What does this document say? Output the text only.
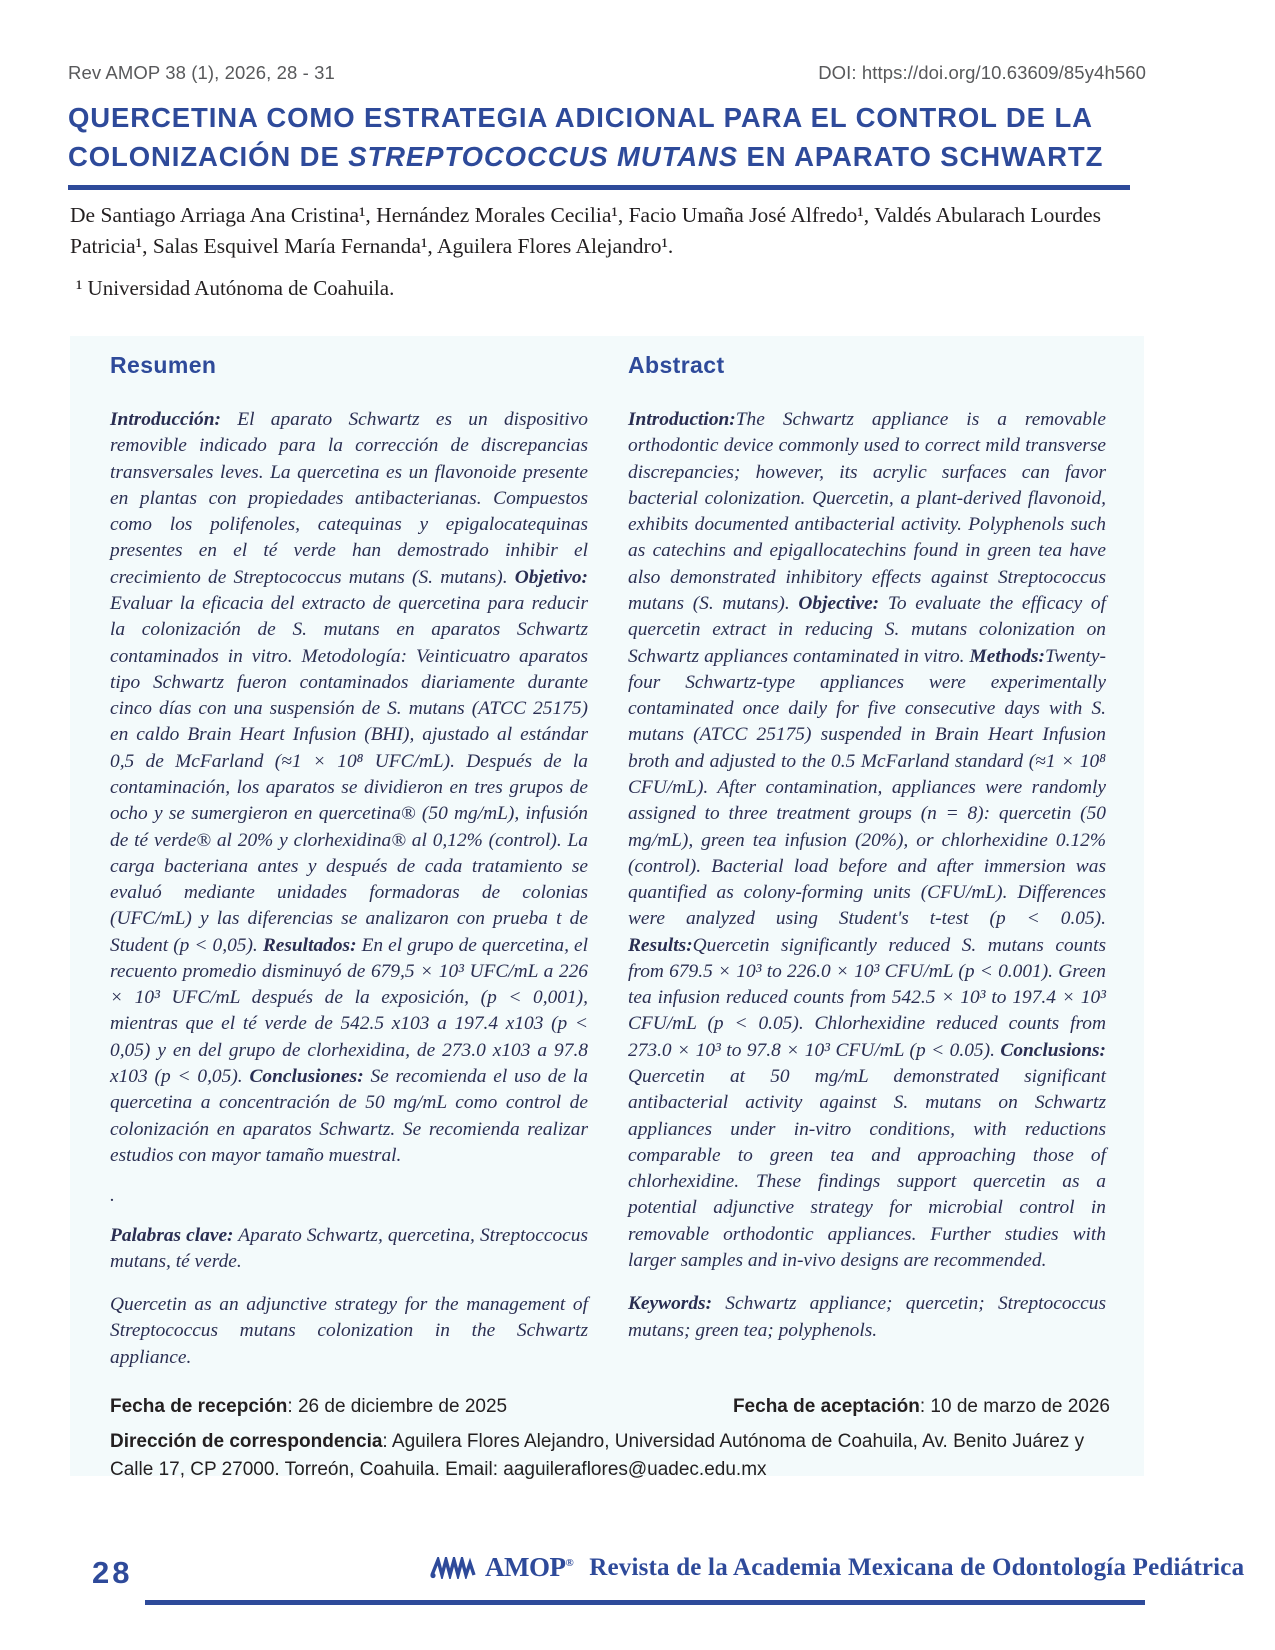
Rev AMOP 38 (1), 2026, 28 - 31	DOI: https://doi.org/10.63609/85y4h560
QUERCETINA COMO ESTRATEGIA ADICIONAL PARA EL CONTROL DE LA
COLONIZACIÓN DE STREPTOCOCCUS MUTANS EN APARATO SCHWARTZ
De Santiago Arriaga Ana Cristina¹, Hernández Morales Cecilia¹, Facio Umaña José Alfredo¹, Valdés Abularach Lourdes Patricia¹, Salas Esquivel María Fernanda¹, Aguilera Flores Alejandro¹.
¹ Universidad Autónoma de Coahuila.
Resumen

Introducción: El aparato Schwartz es un dispositivo removible indicado para la corrección de discrepancias transversales leves. La quercetina es un flavonoide presente en plantas con propiedades antibacterianas. Compuestos como los polifenoles, catequinas y epigalocatequinas presentes en el té verde han demostrado inhibir el crecimiento de Streptococcus mutans (S. mutans). Objetivo: Evaluar la eficacia del extracto de quercetina para reducir la colonización de S. mutans en aparatos Schwartz contaminados in vitro. Metodología: Veinticuatro aparatos tipo Schwartz fueron contaminados diariamente durante cinco días con una suspensión de S. mutans (ATCC 25175) en caldo Brain Heart Infusion (BHI), ajustado al estándar 0,5 de McFarland (≈1 × 10⁸ UFC/mL). Después de la contaminación, los aparatos se dividieron en tres grupos de ocho y se sumergieron en quercetina® (50 mg/mL), infusión de té verde® al 20% y clorhexidina® al 0,12% (control). La carga bacteriana antes y después de cada tratamiento se evaluó mediante unidades formadoras de colonias (UFC/mL) y las diferencias se analizaron con prueba t de Student (p < 0,05). Resultados: En el grupo de quercetina, el recuento promedio disminuyó de 679,5 × 10³ UFC/mL a 226 × 10³ UFC/mL después de la exposición, (p < 0,001), mientras que el té verde de 542.5 x103 a 197.4 x103 (p < 0,05) y en del grupo de clorhexidina, de 273.0 x103 a 97.8 x103 (p < 0,05). Conclusiones: Se recomienda el uso de la quercetina a concentración de 50 mg/mL como control de colonización en aparatos Schwartz. Se recomienda realizar estudios con mayor tamaño muestral.

.

Palabras clave: Aparato Schwartz, quercetina, Streptoccocus mutans, té verde.

Quercetin as an adjunctive strategy for the management of Streptococcus mutans colonization in the Schwartz appliance.

Abstract

Introduction:The Schwartz appliance is a removable orthodontic device commonly used to correct mild transverse discrepancies; however, its acrylic surfaces can favor bacterial colonization. Quercetin, a plant-derived flavonoid, exhibits documented antibacterial activity. Polyphenols such as catechins and epigallocatechins found in green tea have also demonstrated inhibitory effects against Streptococcus mutans (S. mutans). Objective: To evaluate the efficacy of quercetin extract in reducing S. mutans colonization on Schwartz appliances contaminated in vitro. Methods:Twenty-four Schwartz-type appliances were experimentally contaminated once daily for five consecutive days with S. mutans (ATCC 25175) suspended in Brain Heart Infusion broth and adjusted to the 0.5 McFarland standard (≈1 × 10⁸ CFU/mL). After contamination, appliances were randomly assigned to three treatment groups (n = 8): quercetin (50 mg/mL), green tea infusion (20%), or chlorhexidine 0.12% (control). Bacterial load before and after immersion was quantified as colony-forming units (CFU/mL). Differences were analyzed using Student's t-test (p < 0.05). Results:Quercetin significantly reduced S. mutans counts from 679.5 × 10³ to 226.0 × 10³ CFU/mL (p < 0.001). Green tea infusion reduced counts from 542.5 × 10³ to 197.4 × 10³ CFU/mL (p < 0.05). Chlorhexidine reduced counts from 273.0 × 10³ to 97.8 × 10³ CFU/mL (p < 0.05). Conclusions: Quercetin at 50 mg/mL demonstrated significant antibacterial activity against S. mutans on Schwartz appliances under in-vitro conditions, with reductions comparable to green tea and approaching those of chlorhexidine. These findings support quercetin as a potential adjunctive strategy for microbial control in removable orthodontic appliances. Further studies with larger samples and in-vivo designs are recommended.

Keywords: Schwartz appliance; quercetin; Streptococcus mutans; green tea; polyphenols.

Fecha de recepción: 26 de diciembre de 2025	Fecha de aceptación: 10 de marzo de 2026
Dirección de correspondencia: Aguilera Flores Alejandro, Universidad Autónoma de Coahuila, Av. Benito Juárez y Calle 17, CP 27000. Torreón, Coahuila. Email: aaguileraflores@uadec.edu.mx
28	AMOP® Revista de la Academia Mexicana de Odontología Pediátrica
